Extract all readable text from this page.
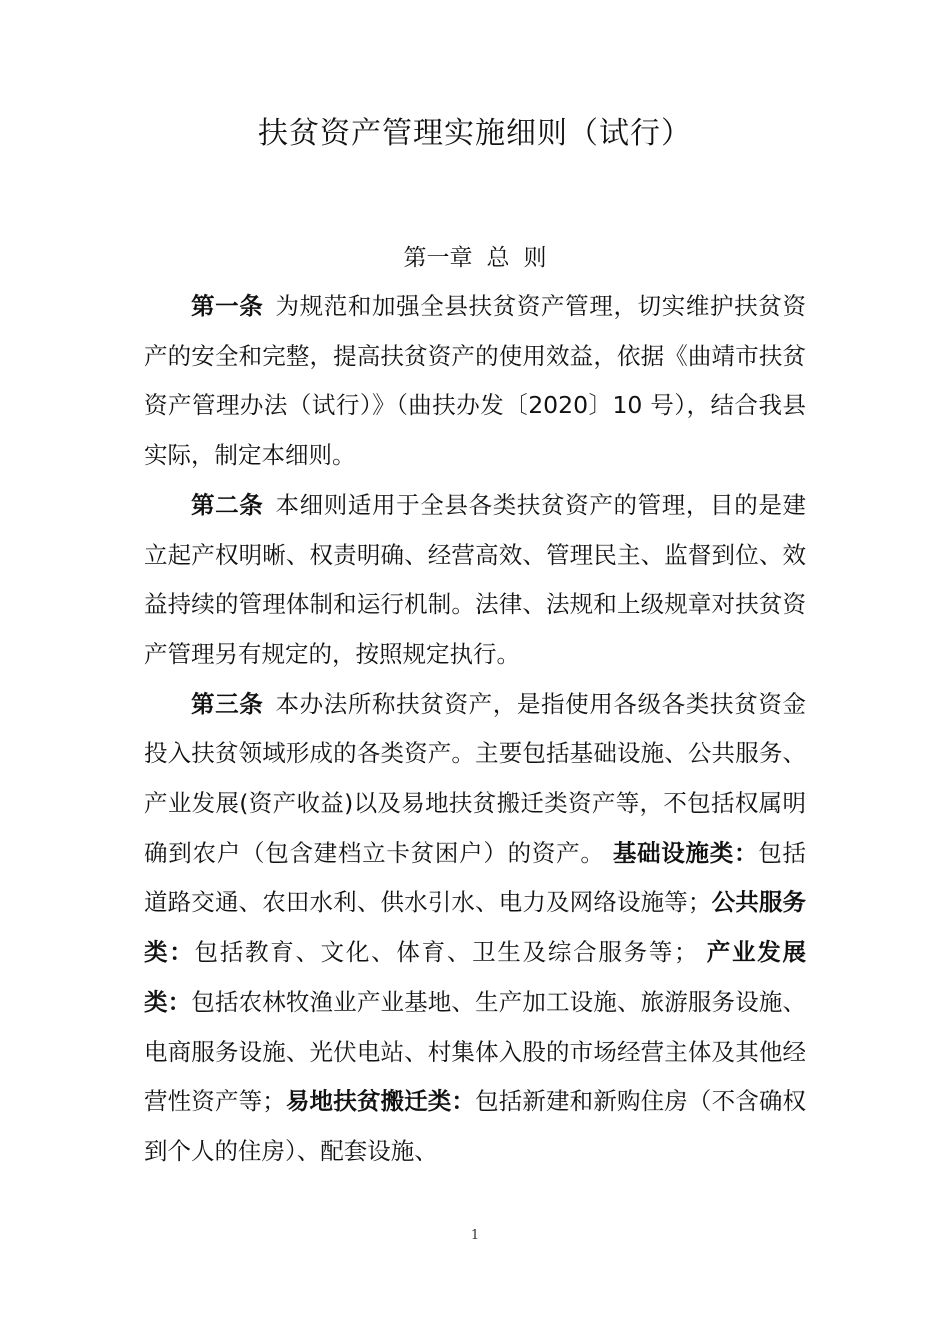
扶贫资产管理实施细则（试行）
第一章 总 则

第一条 为规范和加强全县扶贫资产管理，切实维护扶贫资产的安全和完整，提高扶贫资产的使用效益，依据《曲靖市扶贫资产管理办法（试行）》（曲扶办发〔2020〕10 号），结合我县实际，制定本细则。

第二条 本细则适用于全县各类扶贫资产的管理，目的是建立起产权明晰、权责明确、经营高效、管理民主、监督到位、效益持续的管理体制和运行机制。法律、法规和上级规章对扶贫资产管理另有规定的，按照规定执行。

第三条 本办法所称扶贫资产，是指使用各级各类扶贫资金投入扶贫领域形成的各类资产。主要包括基础设施、公共服务、产业发展(资产收益)以及易地扶贫搬迁类资产等，不包括权属明确到农户（包含建档立卡贫困户）的资产。 基础设施类：包括道路交通、农田水利、供水引水、电力及网络设施等；公共服务类：包括教育、文化、体育、卫生及综合服务等； 产业发展类：包括农林牧渔业产业基地、生产加工设施、旅游服务设施、电商服务设施、光伏电站、村集体入股的市场经营主体及其他经营性资产等；易地扶贫搬迁类：包括新建和新购住房（不含确权到个人的住房）、配套设施、

1
